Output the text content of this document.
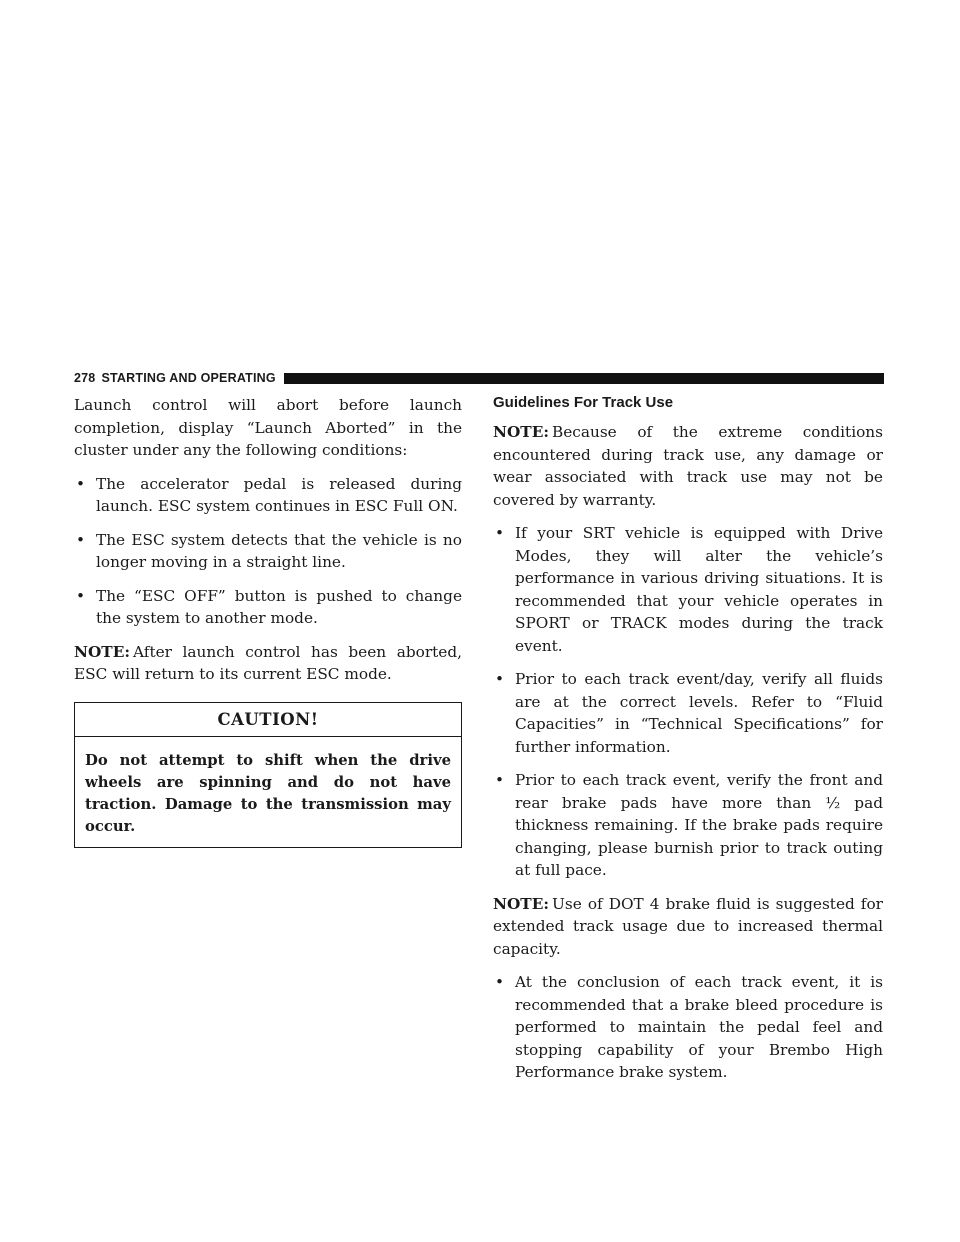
278 STARTING AND OPERATING

Launch control will abort before launch completion, display “Launch Aborted” in the cluster under any the following conditions:

• The accelerator pedal is released during launch. ESC system continues in ESC Full ON.
• The ESC system detects that the vehicle is no longer moving in a straight line.
• The “ESC OFF” button is pushed to change the system to another mode.

NOTE: After launch control has been aborted, ESC will return to its current ESC mode.

CAUTION!
Do not attempt to shift when the drive wheels are spinning and do not have traction. Damage to the transmission may occur.
Guidelines For Track Use

NOTE: Because of the extreme conditions encountered during track use, any damage or wear associated with track use may not be covered by warranty.

• If your SRT vehicle is equipped with Drive Modes, they will alter the vehicle’s performance in various driving situations. It is recommended that your vehicle operates in SPORT or TRACK modes during the track event.
• Prior to each track event/day, verify all fluids are at the correct levels. Refer to “Fluid Capacities” in “Technical Specifications” for further information.
• Prior to each track event, verify the front and rear brake pads have more than ½ pad thickness remaining. If the brake pads require changing, please burnish prior to track outing at full pace.

NOTE: Use of DOT 4 brake fluid is suggested for extended track usage due to increased thermal capacity.

• At the conclusion of each track event, it is recommended that a brake bleed procedure is performed to maintain the pedal feel and stopping capability of your Brembo High Performance brake system.
